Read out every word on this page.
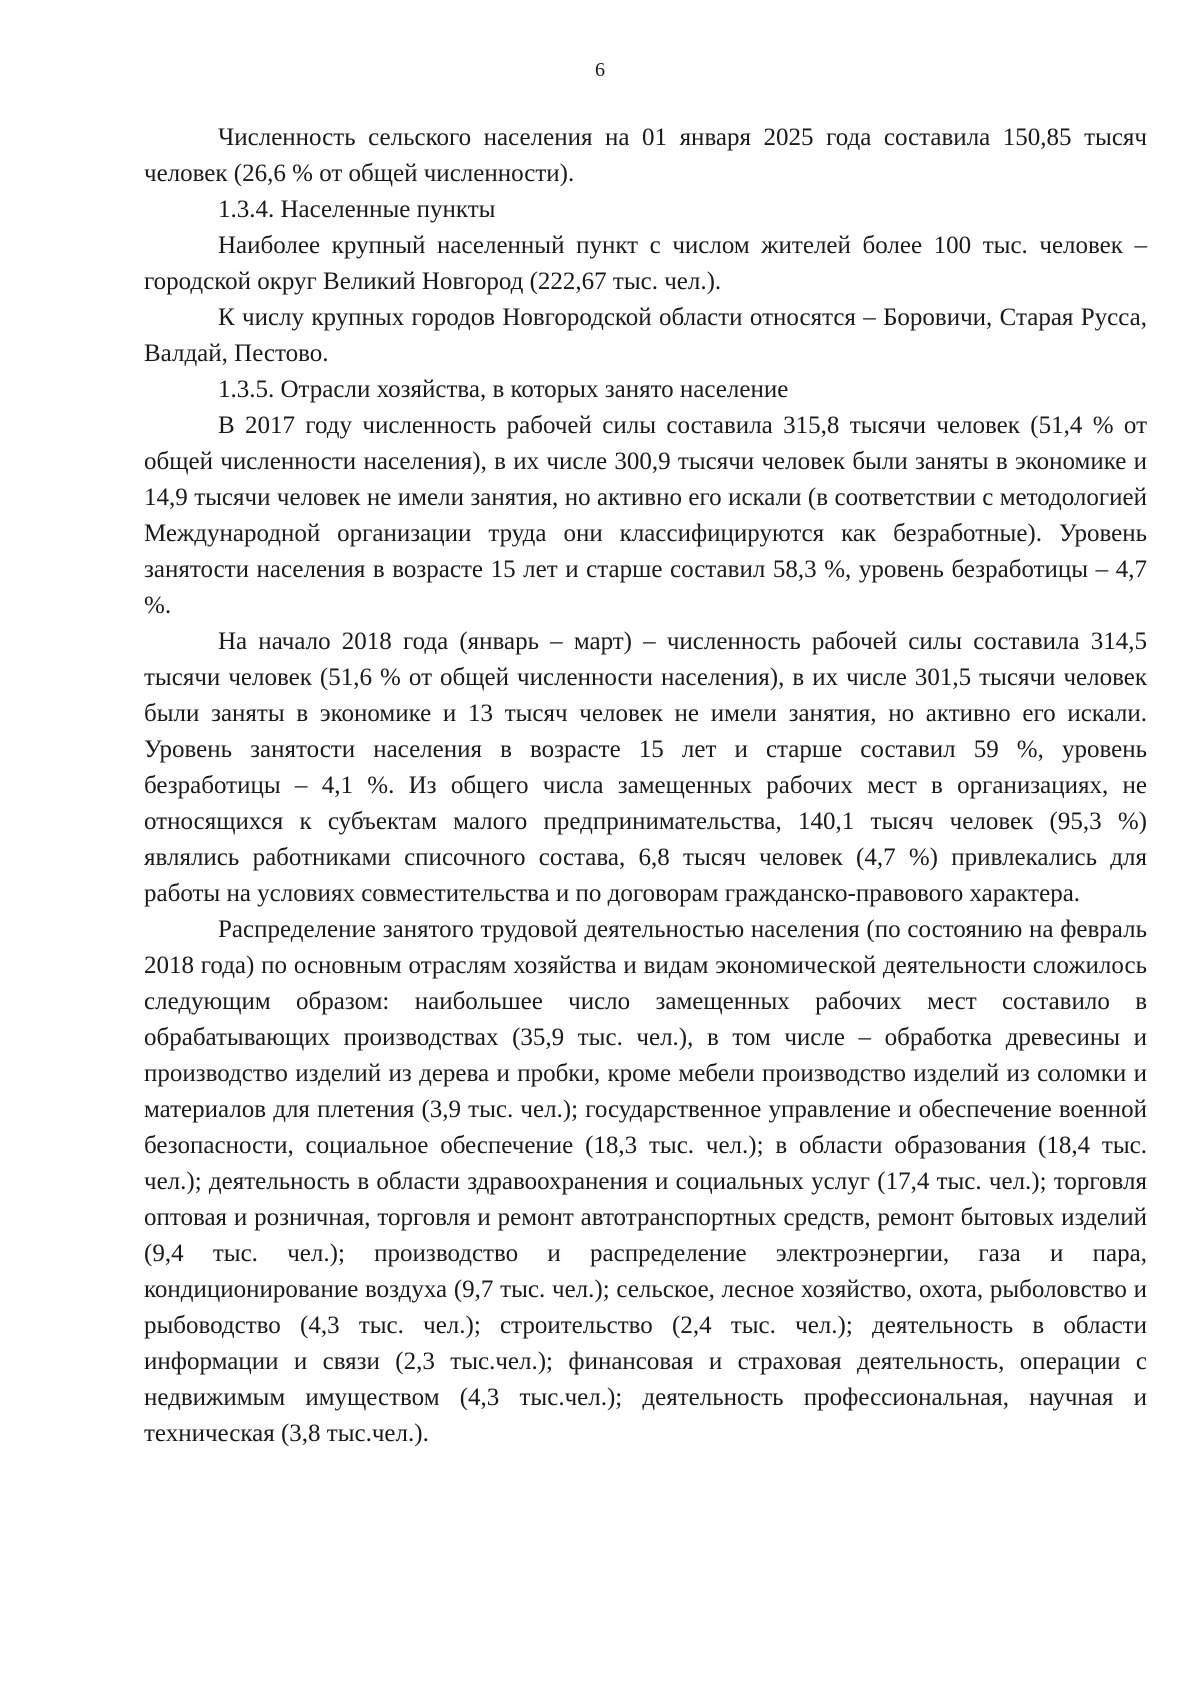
6

Численность сельского населения на 01 января 2025 года составила 150,85 тысяч человек (26,6 % от общей численности).

1.3.4. Населенные пункты

Наиболее крупный населенный пункт с числом жителей более 100 тыс. человек – городской округ Великий Новгород (222,67 тыс. чел.).

К числу крупных городов Новгородской области относятся – Боровичи, Старая Русса, Валдай, Пестово.

1.3.5. Отрасли хозяйства, в которых занято население

В 2017 году численность рабочей силы составила 315,8 тысячи человек (51,4 % от общей численности населения), в их числе 300,9 тысячи человек были заняты в экономике и 14,9 тысячи человек не имели занятия, но активно его искали (в соответствии с методологией Международной организации труда они классифицируются как безработные). Уровень занятости населения в возрасте 15 лет и старше составил 58,3 %, уровень безработицы – 4,7 %.

На начало 2018 года (январь – март) – численность рабочей силы составила 314,5 тысячи человек (51,6 % от общей численности населения), в их числе 301,5 тысячи человек были заняты в экономике и 13 тысяч человек не имели занятия, но активно его искали. Уровень занятости населения в возрасте 15 лет и старше составил 59 %, уровень безработицы – 4,1 %. Из общего числа замещенных рабочих мест в организациях, не относящихся к субъектам малого предпринимательства, 140,1 тысяч человек (95,3 %) являлись работниками списочного состава, 6,8 тысяч человек (4,7 %) привлекались для работы на условиях совместительства и по договорам гражданско-правового характера.

Распределение занятого трудовой деятельностью населения (по состоянию на февраль 2018 года) по основным отраслям хозяйства и видам экономической деятельности сложилось следующим образом: наибольшее число замещенных рабочих мест составило в обрабатывающих производствах (35,9 тыс. чел.), в том числе – обработка древесины и производство изделий из дерева и пробки, кроме мебели производство изделий из соломки и материалов для плетения (3,9 тыс. чел.); государственное управление и обеспечение военной безопасности, социальное обеспечение (18,3 тыс. чел.); в области образования (18,4 тыс. чел.); деятельность в области здравоохранения и социальных услуг (17,4 тыс. чел.); торговля оптовая и розничная, торговля и ремонт автотранспортных средств, ремонт бытовых изделий (9,4 тыс. чел.); производство и распределение электроэнергии, газа и пара, кондиционирование воздуха (9,7 тыс. чел.); сельское, лесное хозяйство, охота, рыболовство и рыбоводство (4,3 тыс. чел.); строительство (2,4 тыс. чел.); деятельность в области информации и связи (2,3 тыс.чел.); финансовая и страховая деятельность, операции с недвижимым имуществом (4,3 тыс.чел.); деятельность профессиональная, научная и техническая (3,8 тыс.чел.).
